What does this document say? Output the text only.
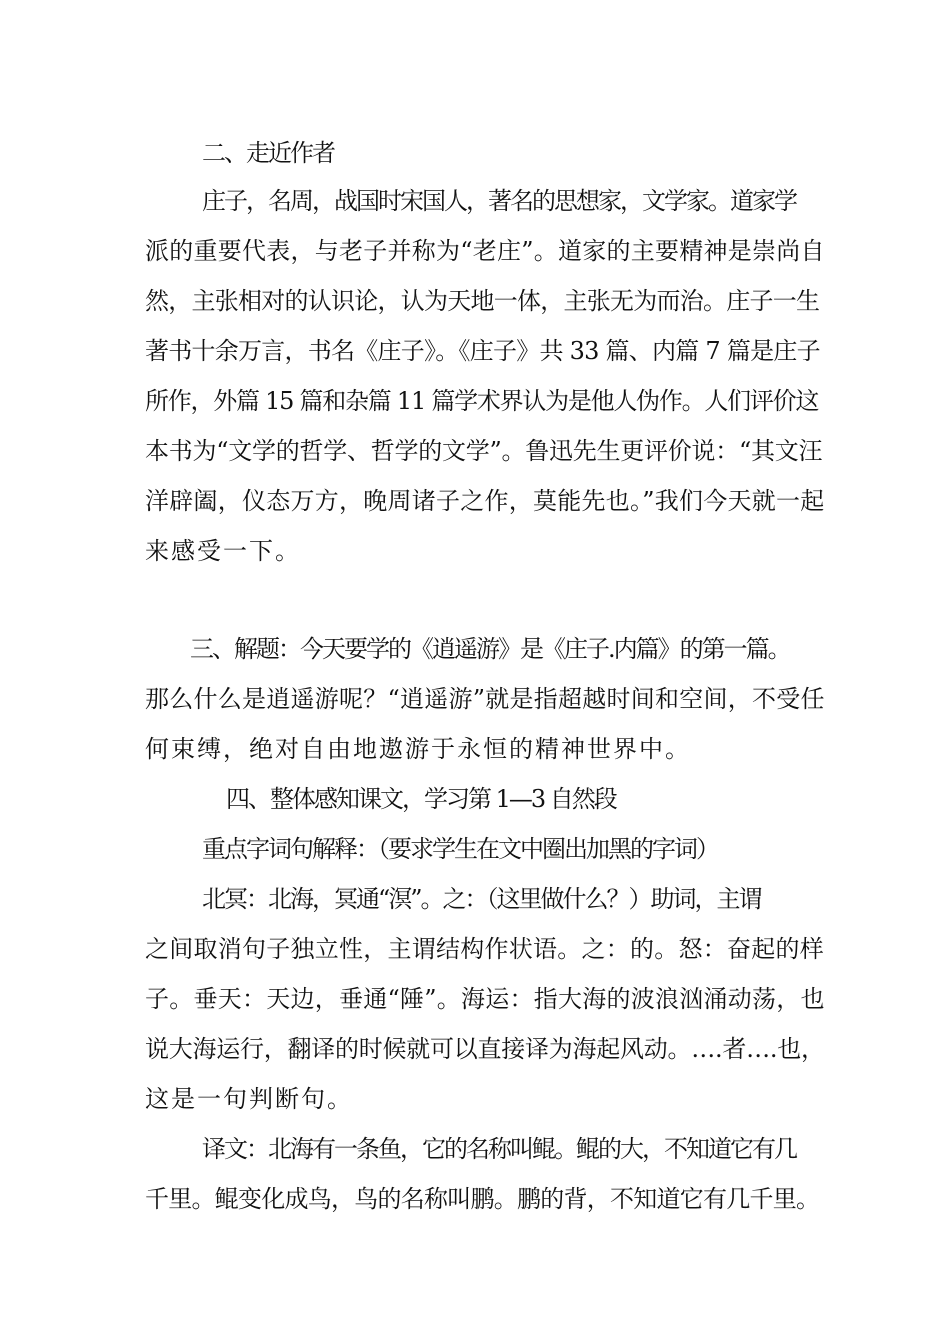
二、走近作者
庄子，名周，战国时宋国人，著名的思想家，文学家。道家学
派的重要代表，与老子并称为“老庄”。道家的主要精神是崇尚自
然，主张相对的认识论，认为天地一体，主张无为而治。庄子一生
著书十余万言，书名《庄子》。《庄子》共 33 篇、内篇 7 篇是庄子
所作，外篇 15 篇和杂篇 11 篇学术界认为是他人伪作。人们评价这
本书为“文学的哲学、哲学的文学”。鲁迅先生更评价说：“其文汪
洋辟阖，仪态万方，晚周诸子之作，莫能先也。”我们今天就一起
来感受一下。
三、解题：今天要学的《逍遥游》是《庄子.内篇》的第一篇。
那么什么是逍遥游呢？“逍遥游”就是指超越时间和空间，不受任
何束缚，绝对自由地遨游于永恒的精神世界中。
四、整体感知课文，学习第 1—3 自然段
重点字词句解释：（要求学生在文中圈出加黑的字词）
北冥：北海，冥通“溟”。之：（这里做什么？）助词，主谓
之间取消句子独立性，主谓结构作状语。之：的。怒：奋起的样
子。垂天：天边，垂通“陲”。海运：指大海的波浪汹涌动荡，也
说大海运行，翻译的时候就可以直接译为海起风动。….者….也，
这是一句判断句。
译文：北海有一条鱼，它的名称叫鲲。鲲的大，不知道它有几
千里。鲲变化成鸟，鸟的名称叫鹏。鹏的背，不知道它有几千里。
